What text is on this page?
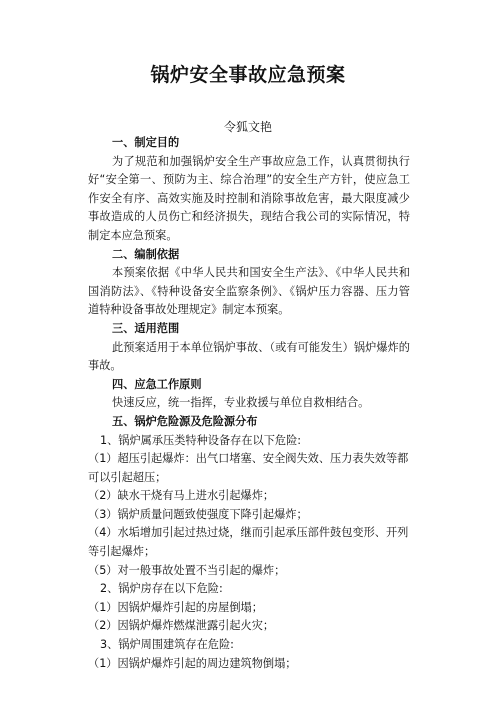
锅炉安全事故应急预案
令狐文艳
一、制定目的
为了规范和加强锅炉安全生产事故应急工作，认真贯彻执行好“安全第一、预防为主、综合治理”的安全生产方针，使应急工作安全有序、高效实施及时控制和消除事故危害，最大限度减少事故造成的人员伤亡和经济损失，现结合我公司的实际情况，特制定本应急预案。
二、编制依据
本预案依据《中华人民共和国安全生产法》、《中华人民共和国消防法》、《特种设备安全监察条例》、《锅炉压力容器、压力管道特种设备事故处理规定》制定本预案。
三、适用范围
此预案适用于本单位锅炉事故、（或有可能发生）锅炉爆炸的事故。
四、应急工作原则
快速反应，统一指挥，专业救援与单位自救相结合。
五、锅炉危险源及危险源分布
1、锅炉属承压类特种设备存在以下危险:
（1）超压引起爆炸：出气口堵塞、安全阀失效、压力表失效等都可以引起超压；
（2）缺水干烧有马上进水引起爆炸；
（3）锅炉质量问题致使强度下降引起爆炸；
（4）水垢增加引起过热过烧，继而引起承压部件鼓包变形、开列等引起爆炸；
（5）对一般事故处置不当引起的爆炸；
2、锅炉房存在以下危险:
（1）因锅炉爆炸引起的房屋倒塌；
（2）因锅炉爆炸燃煤泄露引起火灾；
3、锅炉周围建筑存在危险:
（1）因锅炉爆炸引起的周边建筑物倒塌；
